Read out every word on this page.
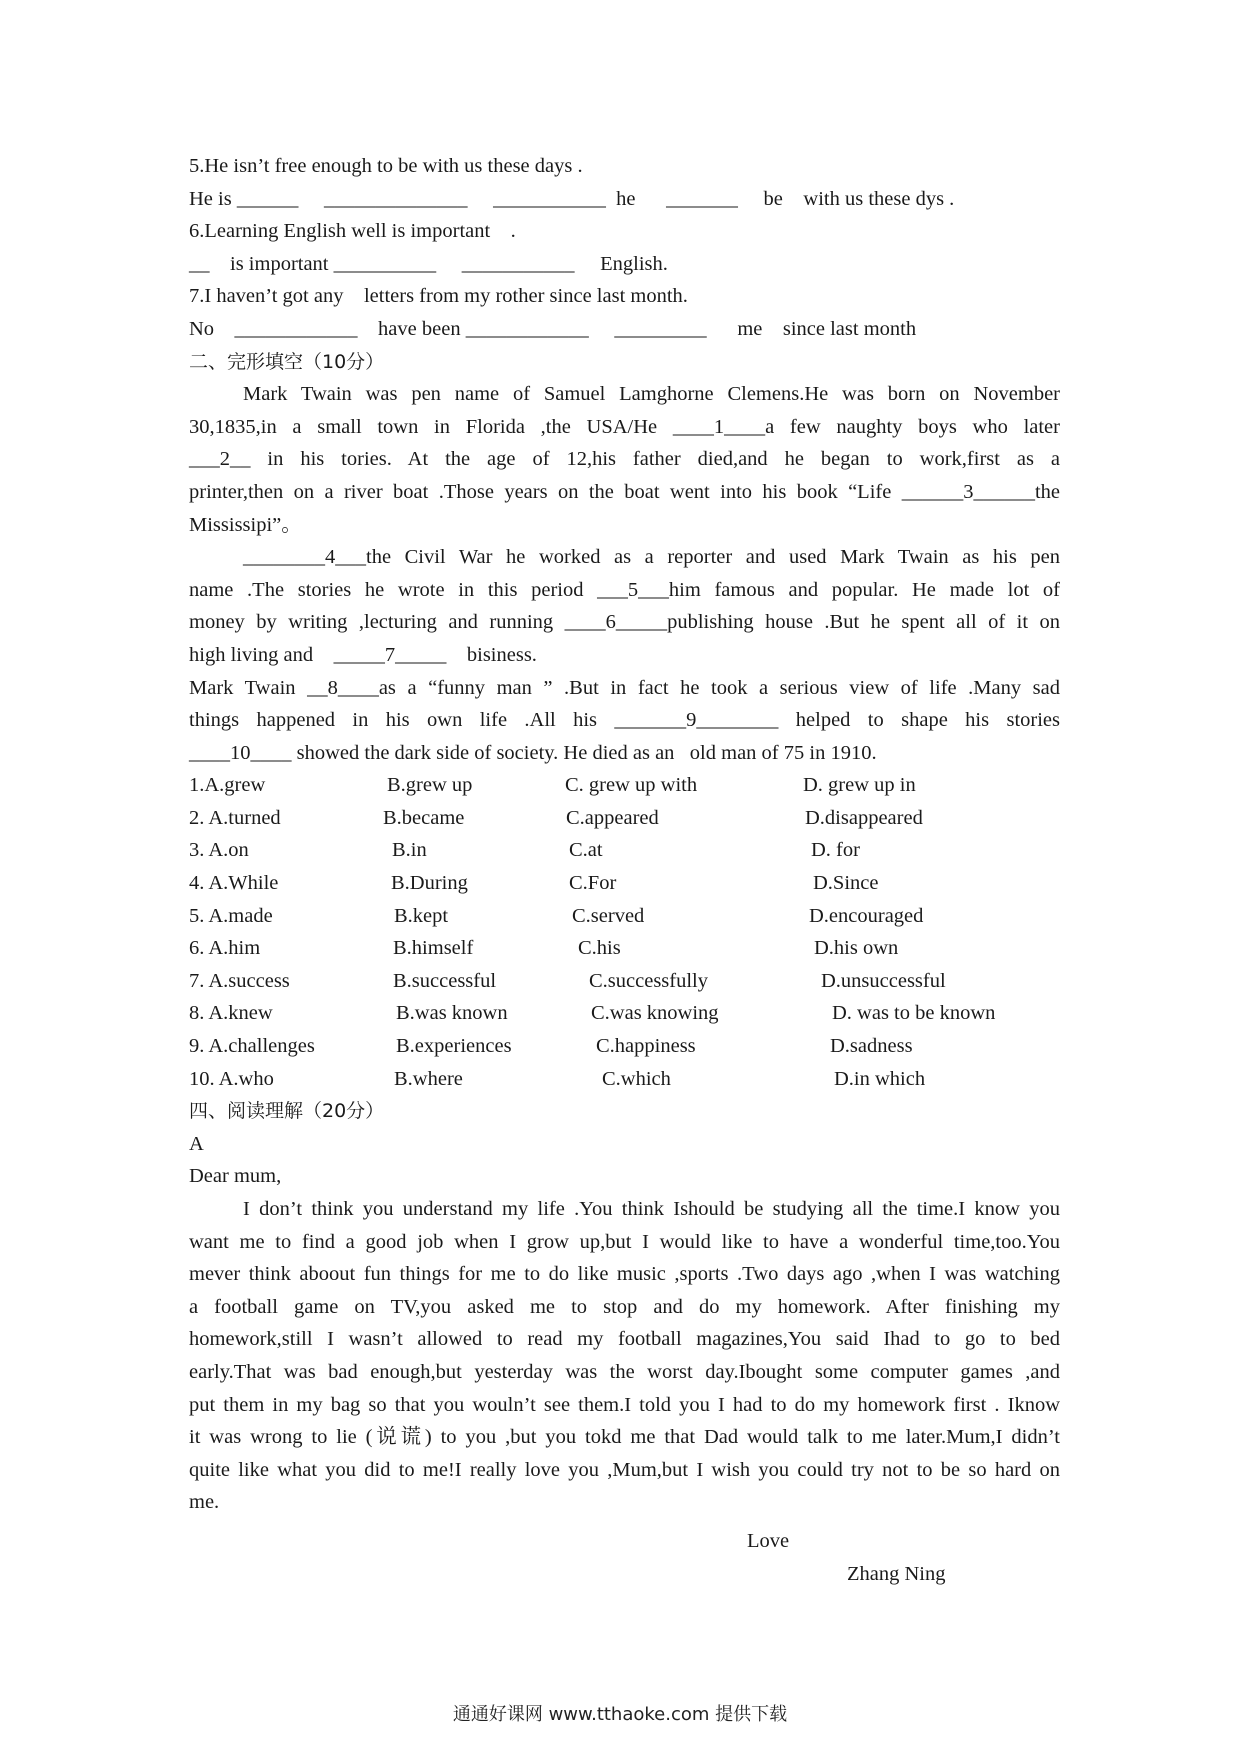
5.He isn’t free enough to be with us these days .
He is ______     ______________     ___________  he      _______     be    with us these dys .
6.Learning English well is important    .
__    is important __________     ___________     English.
7.I haven’t got any    letters from my rother since last month.
No    ____________    have been ____________     _________      me    since last month
二、完形填空（10分）
Mark Twain was pen name of Samuel Lamghorne Clemens.He was born on November
30,1835,in a small town in Florida ,the USA/He ____1____a few naughty boys who later
___2__ in his tories. At the age of 12,his father died,and he began to work,first as a
printer,then on a river boat .Those years on the boat went into his book “Life ______3______the
Mississipi”。
________4___the Civil War he worked as a reporter and used Mark Twain as his pen
name .The stories he wrote in this period ___5___him famous and popular. He made lot of
money by writing ,lecturing and running ____6_____publishing house .But he spent all of it on
high living and    _____7_____    bisiness.
Mark Twain __8____as a “funny man ” .But in fact he took a serious view of life .Many sad
things happened in his own life .All his _______9________ helped to shape his stories
____10____ showed the dark side of society. He died as an   old man of 75 in 1910.
1.A.grew	B.grew up	C. grew up with	D. grew up in
2. A.turned	B.became	C.appeared	D.disappeared
3. A.on	B.in	C.at	D. for
4. A.While	B.During	C.For	D.Since
5. A.made	B.kept	C.served	D.encouraged
6. A.him	B.himself	C.his	D.his own
7. A.success	B.successful	C.successfully	D.unsuccessful
8. A.knew	B.was known	C.was knowing	D. was to be known
9. A.challenges	B.experiences	C.happiness	D.sadness
10. A.who	B.where	C.which	D.in which
四、阅读理解（20分）
A
Dear mum,
I don’t think you understand my life .You think Ishould be studying all the time.I know you
want me to find a good job when I grow up,but I would like to have a wonderful time,too.You
mever think aboout fun things for me to do like music ,sports .Two days ago ,when I was watching
a football game on TV,you asked me to stop and do my homework. After finishing my
homework,still I wasn’t allowed to read my football magazines,You said Ihad to go to bed
early.That was bad enough,but yesterday was the worst day.Ibought some computer games ,and
put them in my bag so that you wouln’t see them.I told you I had to do my homework first . Iknow
it was wrong to lie (说谎) to you ,but you tokd me that Dad would talk to me later.Mum,I didn’t
quite like what you did to me!I really love you ,Mum,but I wish you could try not to be so hard on
me.
Love
Zhang Ning
通通好课网 www.tthaoke.com 提供下载
